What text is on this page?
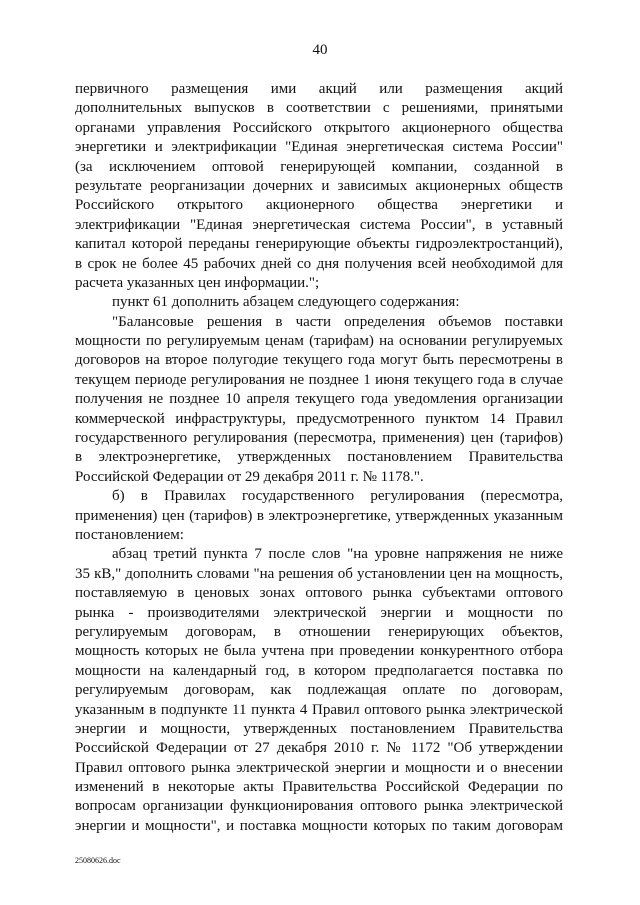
40
первичного размещения ими акций или размещения акций
дополнительных выпусков в соответствии с решениями, принятыми
органами управления Российского открытого акционерного общества
энергетики и электрификации "Единая энергетическая система России"
(за исключением оптовой генерирующей компании, созданной в
результате реорганизации дочерних и зависимых акционерных обществ
Российского открытого акционерного общества энергетики и
электрификации "Единая энергетическая система России", в уставный
капитал которой переданы генерирующие объекты гидроэлектростанций),
в срок не более 45 рабочих дней со дня получения всей необходимой для
расчета указанных цен информации.";
пункт 61 дополнить абзацем следующего содержания:
"Балансовые решения в части определения объемов поставки
мощности по регулируемым ценам (тарифам) на основании регулируемых
договоров на второе полугодие текущего года могут быть пересмотрены в
текущем периоде регулирования не позднее 1 июня текущего года в случае
получения не позднее 10 апреля текущего года уведомления организации
коммерческой инфраструктуры, предусмотренного пунктом 14 Правил
государственного регулирования (пересмотра, применения) цен (тарифов)
в электроэнергетике, утвержденных постановлением Правительства
Российской Федерации от 29 декабря 2011 г. № 1178.".
б) в Правилах государственного регулирования (пересмотра,
применения) цен (тарифов) в электроэнергетике, утвержденных указанным
постановлением:
абзац третий пункта 7 после слов "на уровне напряжения не ниже
35 кВ," дополнить словами "на решения об установлении цен на мощность,
поставляемую в ценовых зонах оптового рынка субъектами оптового
рынка - производителями электрической энергии и мощности по
регулируемым договорам, в отношении генерирующих объектов,
мощность которых не была учтена при проведении конкурентного отбора
мощности на календарный год, в котором предполагается поставка по
регулируемым договорам, как подлежащая оплате по договорам,
указанным в подпункте 11 пункта 4 Правил оптового рынка электрической
энергии и мощности, утвержденных постановлением Правительства
Российской Федерации от 27 декабря 2010 г. № 1172 "Об утверждении
Правил оптового рынка электрической энергии и мощности и о внесении
изменений в некоторые акты Правительства Российской Федерации по
вопросам организации функционирования оптового рынка электрической
энергии и мощности", и поставка мощности которых по таким договорам
25080626.doc
